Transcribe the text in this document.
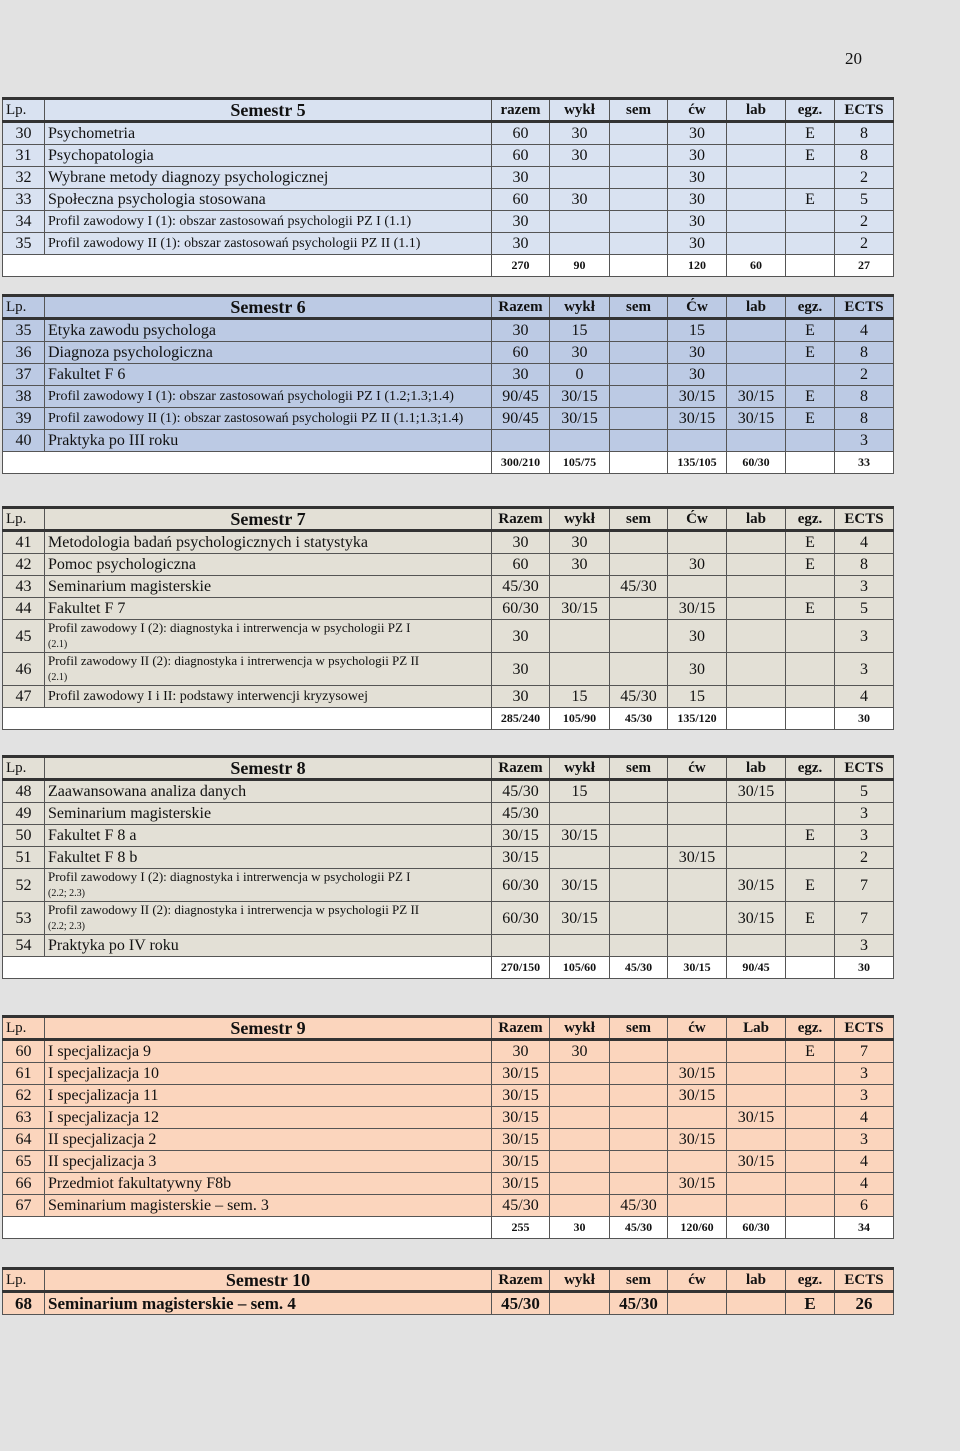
20
Lp.	Semestr 5	razem	wykł	sem	ćw	lab	egz.	ECTS
30	Psychometria	60	30		30		E	8
31	Psychopatologia	60	30		30		E	8
32	Wybrane metody diagnozy psychologicznej	30			30			2
33	Społeczna psychologia stosowana	60	30		30		E	5
34	Profil zawodowy I (1): obszar zastosowań psychologii PZ I (1.1)	30			30			2
35	Profil zawodowy II (1): obszar zastosowań psychologii PZ II (1.1)	30			30			2
		270	90		120	60		27
Lp.	Semestr 6	Razem	wykł	sem	Ćw	lab	egz.	ECTS
35	Etyka zawodu psychologa	30	15		15		E	4
36	Diagnoza psychologiczna	60	30		30		E	8
37	Fakultet F 6	30	0		30			2
38	Profil zawodowy I (1): obszar zastosowań psychologii PZ I (1.2;1.3;1.4)	90/45	30/15		30/15	30/15	E	8
39	Profil zawodowy II (1): obszar zastosowań psychologii PZ II (1.1;1.3;1.4)	90/45	30/15		30/15	30/15	E	8
40	Praktyka po III roku							3
		300/210	105/75		135/105	60/30		33
Lp.	Semestr 7	Razem	wykł	sem	Ćw	lab	egz.	ECTS
41	Metodologia badań psychologicznych i statystyka	30	30				E	4
42	Pomoc psychologiczna	60	30		30		E	8
43	Seminarium magisterskie	45/30		45/30				3
44	Fakultet F 7	60/30	30/15		30/15		E	5
45	Profil zawodowy I (2): diagnostyka i intrerwencja w psychologii PZ I
(2.1)	30			30			3
46	Profil zawodowy II (2): diagnostyka i intrerwencja w psychologii PZ II
(2.1)	30			30			3
47	Profil zawodowy I i II: podstawy interwencji kryzysowej	30	15	45/30	15			4
		285/240	105/90	45/30	135/120			30
Lp.	Semestr 8	Razem	wykł	sem	ćw	lab	egz.	ECTS
48	Zaawansowana analiza danych	45/30	15			30/15		5
49	Seminarium magisterskie	45/30						3
50	Fakultet F 8 a	30/15	30/15				E	3
51	Fakultet F 8 b	30/15			30/15			2
52	Profil zawodowy I (2): diagnostyka i intrerwencja w psychologii PZ I
(2.2; 2.3)	60/30	30/15			30/15	E	7
53	Profil zawodowy II (2): diagnostyka i intrerwencja w psychologii PZ II
(2.2; 2.3)	60/30	30/15			30/15	E	7
54	Praktyka po IV roku							3
		270/150	105/60	45/30	30/15	90/45		30
Lp.	Semestr 9	Razem	wykł	sem	ćw	Lab	egz.	ECTS
60	I specjalizacja 9	30	30				E	7
61	I specjalizacja 10	30/15			30/15			3
62	I specjalizacja 11	30/15			30/15			3
63	I specjalizacja 12	30/15				30/15		4
64	II specjalizacja 2	30/15			30/15			3
65	II specjalizacja 3	30/15				30/15		4
66	Przedmiot fakultatywny F8b	30/15			30/15			4
67	Seminarium magisterskie – sem. 3	45/30		45/30				6
		255	30	45/30	120/60	60/30		34
Lp.	Semestr 10	Razem	wykł	sem	ćw	lab	egz.	ECTS
68	Seminarium magisterskie – sem. 4	45/30		45/30			E	26
